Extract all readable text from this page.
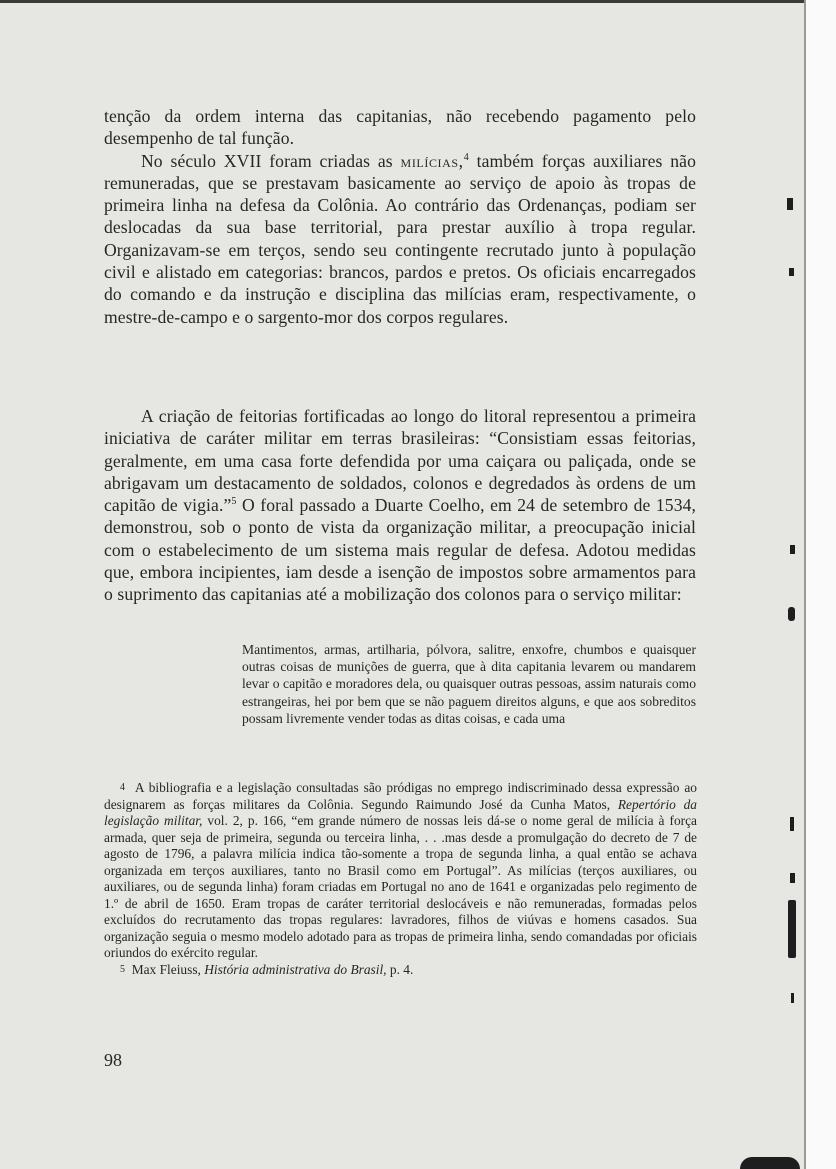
tenção da ordem interna das capitanias, não recebendo pagamento pelo desempenho de tal função.

No século XVII foram criadas as milícias,$^4$ também forças auxiliares não remuneradas, que se prestavam basicamente ao serviço de apoio às tropas de primeira linha na defesa da Colônia. Ao contrário das Ordenanças, podiam ser deslocadas da sua base territorial, para prestar auxílio à tropa regular. Organizavam-se em terços, sendo seu contingente recrutado junto à população civil e alistado em categorias: brancos, pardos e pretos. Os oficiais encarregados do comando e da instrução e disciplina das milícias eram, respectivamente, o mestre-de-campo e o sargento-mor dos corpos regulares.

A criação de feitorias fortificadas ao longo do litoral representou a primeira iniciativa de caráter militar em terras brasileiras: “Consistiam essas feitorias, geralmente, em uma casa forte defendida por uma caiçara ou paliçada, onde se abrigavam um destacamento de soldados, colonos e degredados às ordens de um capitão de vigia.”$^5$ O foral passado a Duarte Coelho, em 24 de setembro de 1534, demonstrou, sob o ponto de vista da organização militar, a preocupação inicial com o estabelecimento de um sistema mais regular de defesa. Adotou medidas que, embora incipientes, iam desde a isenção de impostos sobre armamentos para o suprimento das capitanias até a mobilização dos colonos para o serviço militar:

Mantimentos, armas, artilharia, pólvora, salitre, enxofre, chumbos e quaisquer outras coisas de munições de guerra, que à dita capitania levarem ou mandarem levar o capitão e moradores dela, ou quaisquer outras pessoas, assim naturais como estrangeiras, hei por bem que se não paguem direitos alguns, e que aos sobreditos possam livremente vender todas as ditas coisas, e cada uma

4 A bibliografia e a legislação consultadas são pródigas no emprego indiscriminado dessa expressão ao designarem as forças militares da Colônia. Segundo Raimundo José da Cunha Matos, Repertório da legislação militar, vol. 2, p. 166, “em grande número de nossas leis dá-se o nome geral de milícia à força armada, quer seja de primeira, segunda ou terceira linha, . . .mas desde a promulgação do decreto de 7 de agosto de 1796, a palavra milícia indica tão-somente a tropa de segunda linha, a qual então se achava organizada em terços auxiliares, tanto no Brasil como em Portugal”. As milícias (terços auxiliares, ou auxiliares, ou de segunda linha) foram criadas em Portugal no ano de 1641 e organizadas pelo regimento de 1.º de abril de 1650. Eram tropas de caráter territorial deslocáveis e não remuneradas, formadas pelos excluídos do recrutamento das tropas regulares: lavradores, filhos de viúvas e homens casados. Sua organização seguia o mesmo modelo adotado para as tropas de primeira linha, sendo comandadas por oficiais oriundos do exército regular.

5 Max Fleiuss, História administrativa do Brasil, p. 4.

98
